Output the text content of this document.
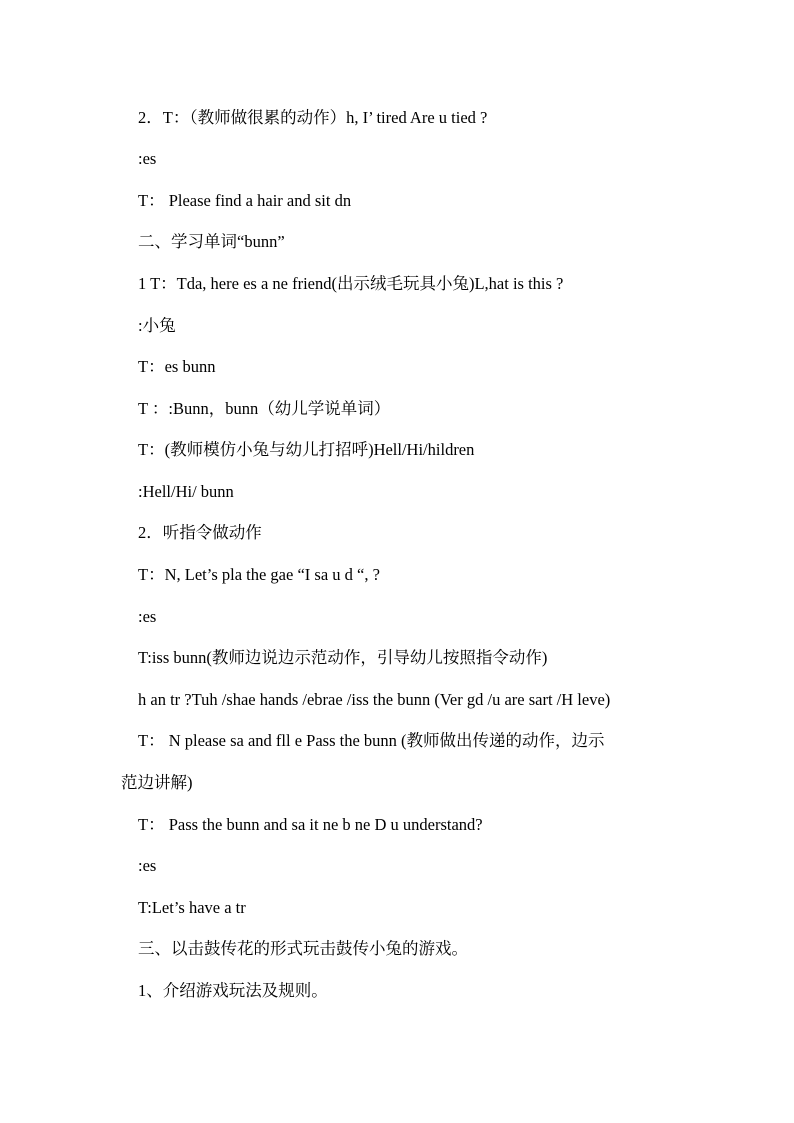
2．T：（教师做很累的动作）h, I’ tired Are u tied ?
:es
T： Please find a hair and sit dn
二、学习单词“bunn”
1 T：Tda, here es a ne friend(出示绒毛玩具小兔)L,hat is this ?
:小兔
T：es bunn
T ：:Bunn，bunn（幼儿学说单词）
T：(教师模仿小兔与幼儿打招呼)Hell/Hi/hildren
:Hell/Hi/ bunn
2．听指令做动作
T：N, Let’s pla the gae “I sa u d “, ?
:es
T:iss bunn(教师边说边示范动作，引导幼儿按照指令动作)
h an tr ?Tuh /shae hands /ebrae /iss the bunn (Ver gd /u are sart /H leve)
T： N please sa and fll e Pass the bunn (教师做出传递的动作，边示
范边讲解)
T： Pass the bunn and sa it ne b ne D u understand?
:es
T:Let’s have a tr
三、以击鼓传花的形式玩击鼓传小兔的游戏。
1、介绍游戏玩法及规则。
